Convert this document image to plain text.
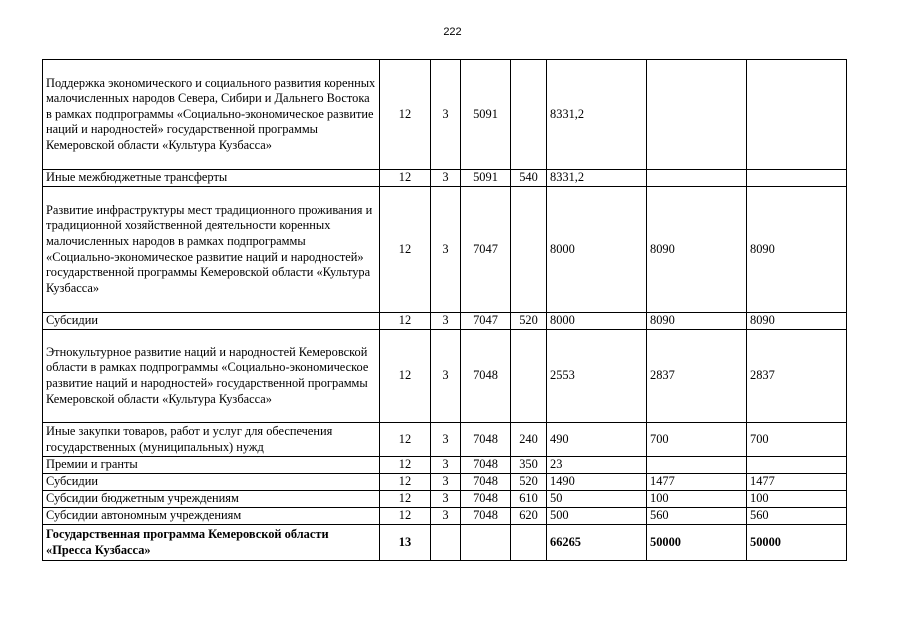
222
Поддержка экономического и социального развития коренных малочисленных народов Севера, Сибири и Дальнего Востока в рамках подпрограммы «Социально-экономическое развитие наций и народностей» государственной программы Кемеровской области «Культура Кузбасса»	12	3	5091		8331,2		
Иные межбюджетные трансферты	12	3	5091	540	8331,2		
Развитие инфраструктуры мест традиционного проживания и традиционной хозяйственной деятельности коренных малочисленных народов в рамках подпрограммы «Социально-экономическое развитие наций и народностей» государственной программы Кемеровской области «Культура Кузбасса»	12	3	7047		8000	8090	8090
Субсидии	12	3	7047	520	8000	8090	8090
Этнокультурное развитие наций и народностей Кемеровской области в рамках подпрограммы «Социально-экономическое развитие наций и народностей» государственной программы Кемеровской области «Культура Кузбасса»	12	3	7048		2553	2837	2837
Иные закупки товаров, работ и услуг для обеспечения государственных (муниципальных) нужд	12	3	7048	240	490	700	700
Премии и гранты	12	3	7048	350	23		
Субсидии	12	3	7048	520	1490	1477	1477
Субсидии бюджетным учреждениям	12	3	7048	610	50	100	100
Субсидии автономным учреждениям	12	3	7048	620	500	560	560
Государственная программа Кемеровской области «Пресса Кузбасса»	13				66265	50000	50000
